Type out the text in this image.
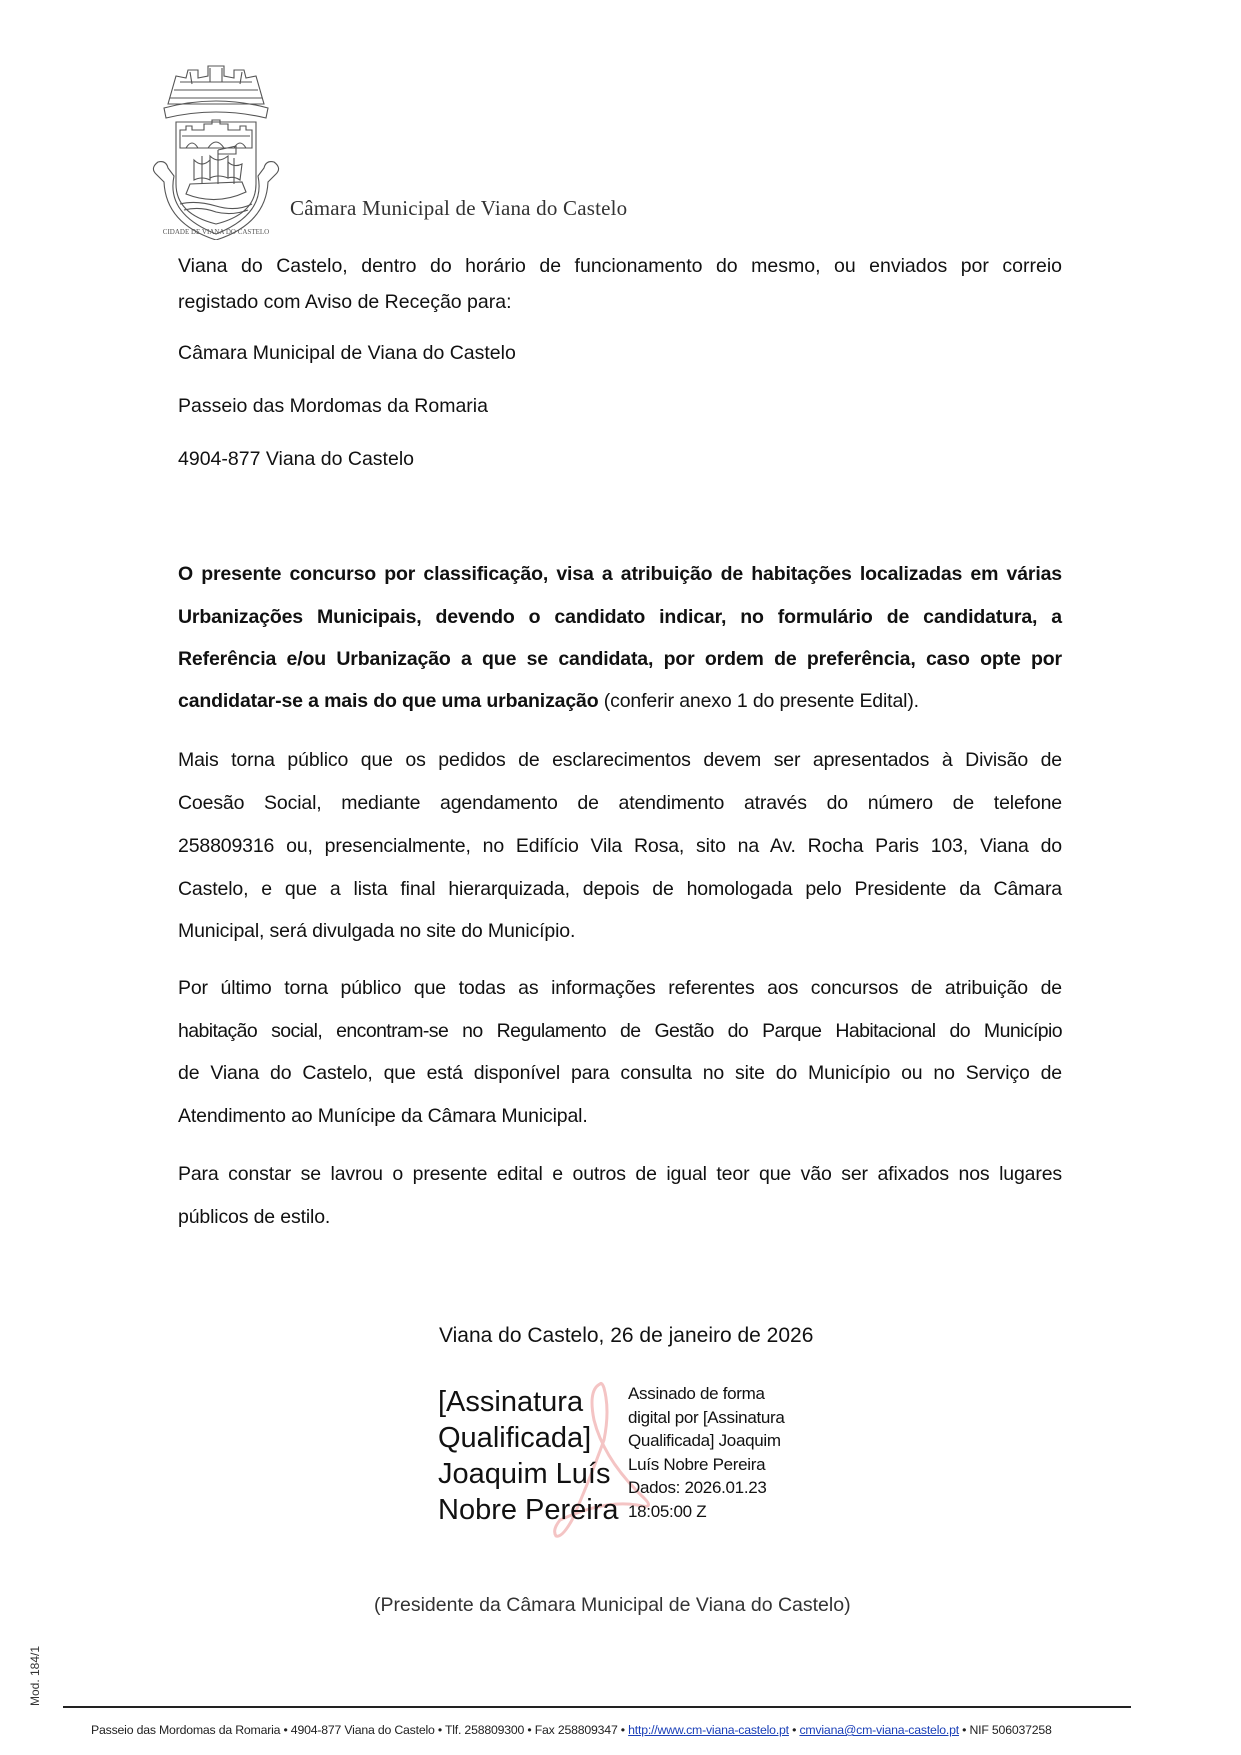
CIDADE DE VIANA DO CASTELO
Câmara Municipal de Viana do Castelo
Viana do Castelo, dentro do horário de funcionamento do mesmo, ou enviados por correio
registado com Aviso de Receção para:
Câmara Municipal de Viana do Castelo
Passeio das Mordomas da Romaria
4904-877 Viana do Castelo
O presente concurso por classificação, visa a atribuição de habitações localizadas em várias
Urbanizações Municipais, devendo o candidato indicar, no formulário de candidatura, a
Referência e/ou Urbanização a que se candidata, por ordem de preferência, caso opte por
candidatar-se a mais do que uma urbanização (conferir anexo 1 do presente Edital).
Mais torna público que os pedidos de esclarecimentos devem ser apresentados à Divisão de
Coesão Social, mediante agendamento de atendimento através do número de telefone
258809316 ou, presencialmente, no Edifício Vila Rosa, sito na Av. Rocha Paris 103, Viana do
Castelo, e que a lista final hierarquizada, depois de homologada pelo Presidente da Câmara
Municipal, será divulgada no site do Município.
Por último torna público que todas as informações referentes aos concursos de atribuição de
habitação social, encontram-se no Regulamento de Gestão do Parque Habitacional do Município
de Viana do Castelo, que está disponível para consulta no site do Município ou no Serviço de
Atendimento ao Munícipe da Câmara Municipal.
Para constar se lavrou o presente edital e outros de igual teor que vão ser afixados nos lugares
públicos de estilo.
Viana do Castelo, 26 de janeiro de 2026
[Assinatura
Qualificada]
Joaquim Luís
Nobre Pereira
Assinado de forma
digital por [Assinatura
Qualificada] Joaquim
Luís Nobre Pereira
Dados: 2026.01.23
18:05:00 Z
(Presidente da Câmara Municipal de Viana do Castelo)
Mod. 184/1
Passeio das Mordomas da Romaria • 4904-877 Viana do Castelo • Tlf. 258809300 • Fax 258809347 • http://www.cm-viana-castelo.pt • cmviana@cm-viana-castelo.pt • NIF 506037258
